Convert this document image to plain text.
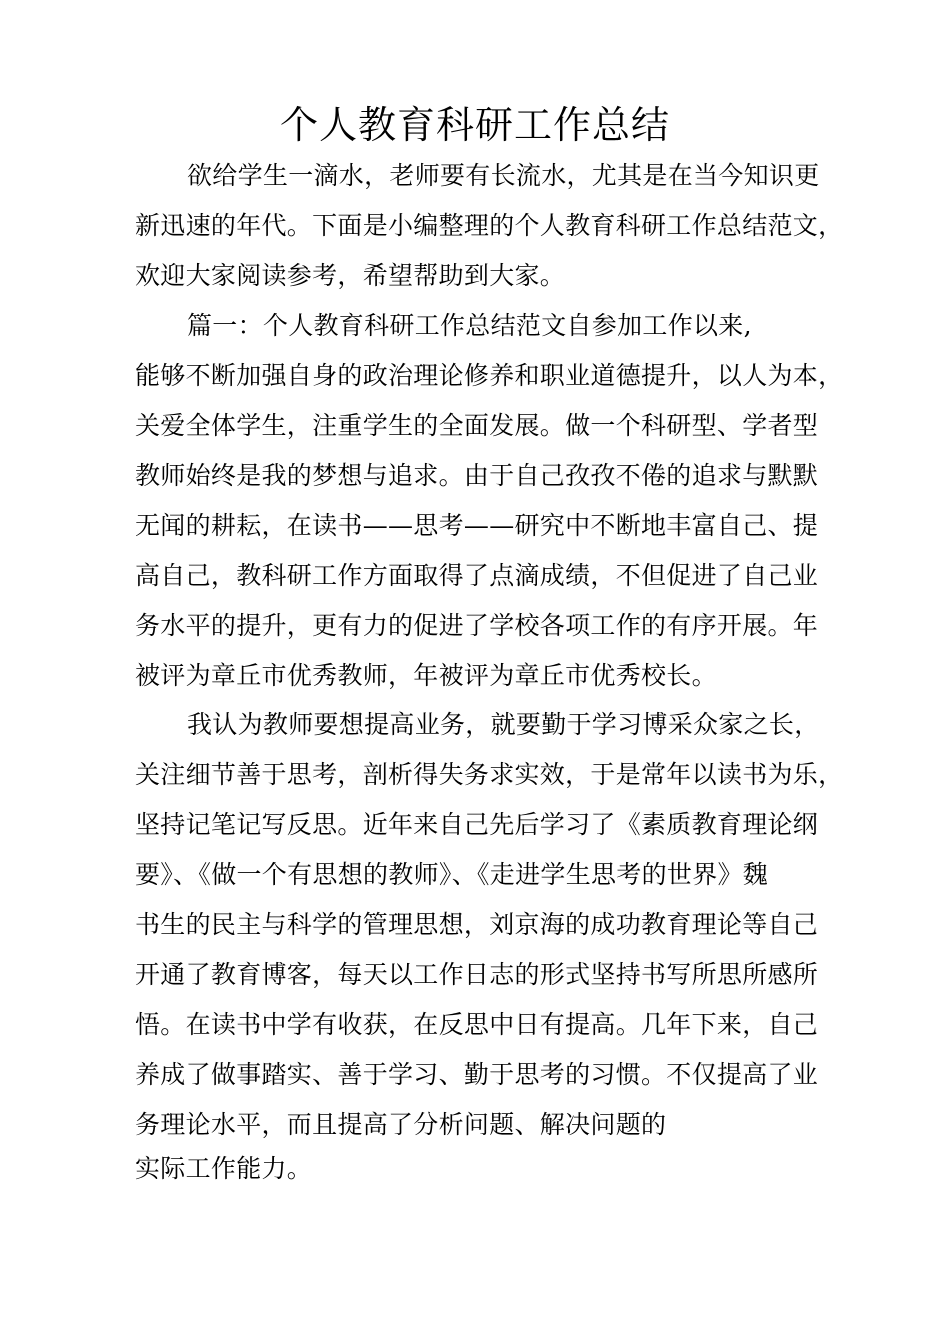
个人教育科研工作总结
欲给学生一滴水，老师要有长流水，尤其是在当今知识更
新迅速的年代。下面是小编整理的个人教育科研工作总结范文，
欢迎大家阅读参考，希望帮助到大家。
篇一：个人教育科研工作总结范文自参加工作以来,
能够不断加强自身的政治理论修养和职业道德提升，以人为本，
关爱全体学生，注重学生的全面发展。做一个科研型、学者型
教师始终是我的梦想与追求。由于自己孜孜不倦的追求与默默
无闻的耕耘，在读书——思考——研究中不断地丰富自己、提
高自己，教科研工作方面取得了点滴成绩，不但促进了自己业
务水平的提升，更有力的促进了学校各项工作的有序开展。年
被评为章丘市优秀教师，年被评为章丘市优秀校长。
我认为教师要想提高业务，就要勤于学习博采众家之长，
关注细节善于思考，剖析得失务求实效，于是常年以读书为乐，
坚持记笔记写反思。近年来自己先后学习了《素质教育理论纲
要》、《做一个有思想的教师》、《走进学生思考的世界》魏
书生的民主与科学的管理思想，刘京海的成功教育理论等自己
开通了教育博客，每天以工作日志的形式坚持书写所思所感所
悟。在读书中学有收获，在反思中日有提高。几年下来，自己
养成了做事踏实、善于学习、勤于思考的习惯。不仅提高了业
务理论水平，而且提高了分析问题、解决问题的
实际工作能力。
